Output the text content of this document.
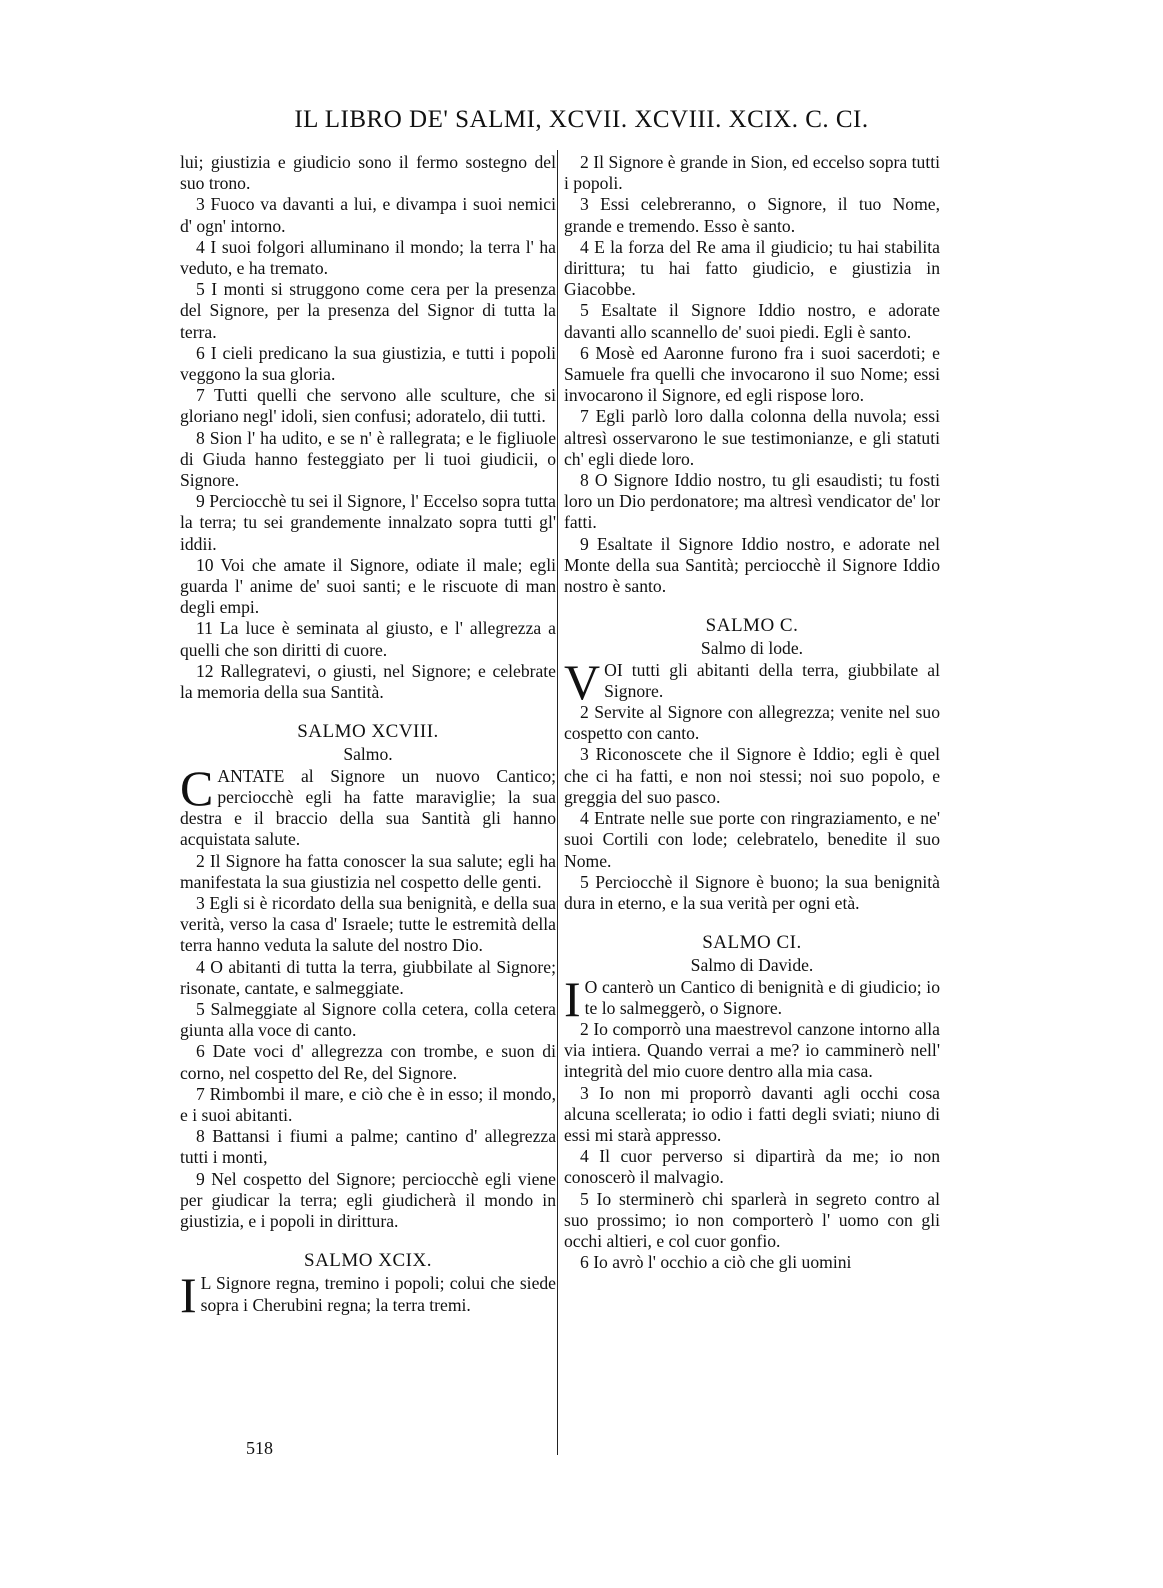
IL LIBRO DE' SALMI, XCVII. XCVIII. XCIX. C. CI.

lui; giustizia e giudicio sono il fermo sostegno del suo trono.

3 Fuoco va davanti a lui, e divampa i suoi nemici d' ogn' intorno.

4 I suoi folgori alluminano il mondo; la terra l' ha veduto, e ha tremato.

5 I monti si struggono come cera per la presenza del Signore, per la presenza del Signor di tutta la terra.

6 I cieli predicano la sua giustizia, e tutti i popoli veggono la sua gloria.

7 Tutti quelli che servono alle sculture, che si gloriano negl' idoli, sien confusi; adoratelo, dii tutti.

8 Sion l' ha udito, e se n' è rallegrata; e le figliuole di Giuda hanno festeggiato per li tuoi giudicii, o Signore.

9 Perciocchè tu sei il Signore, l' Eccelso sopra tutta la terra; tu sei grandemente innalzato sopra tutti gl' iddii.

10 Voi che amate il Signore, odiate il male; egli guarda l' anime de' suoi santi; e le riscuote di man degli empi.

11 La luce è seminata al giusto, e l' allegrezza a quelli che son diritti di cuore.

12 Rallegratevi, o giusti, nel Signore; e celebrate la memoria della sua Santità.

SALMO XCVIII.
Salmo.

CANTATE al Signore un nuovo Cantico; perciocchè egli ha fatte maraviglie; la sua destra e il braccio della sua Santità gli hanno acquistata salute.

2 Il Signore ha fatta conoscer la sua salute; egli ha manifestata la sua giustizia nel cospetto delle genti.

3 Egli si è ricordato della sua benignità, e della sua verità, verso la casa d' Israele; tutte le estremità della terra hanno veduta la salute del nostro Dio.

4 O abitanti di tutta la terra, giubbilate al Signore; risonate, cantate, e salmeggiate.

5 Salmeggiate al Signore colla cetera, colla cetera giunta alla voce di canto.

6 Date voci d' allegrezza con trombe, e suon di corno, nel cospetto del Re, del Signore.

7 Rimbombi il mare, e ciò che è in esso; il mondo, e i suoi abitanti.

8 Battansi i fiumi a palme; cantino d' allegrezza tutti i monti,

9 Nel cospetto del Signore; perciocchè egli viene per giudicar la terra; egli giudicherà il mondo in giustizia, e i popoli in dirittura.

SALMO XCIX.

I L Signore regna, tremino i popoli; colui che siede sopra i Cherubini regna; la terra tremi.

2 Il Signore è grande in Sion, ed eccelso sopra tutti i popoli.

3 Essi celebreranno, o Signore, il tuo Nome, grande e tremendo. Esso è santo.

4 E la forza del Re ama il giudicio; tu hai stabilita dirittura; tu hai fatto giudicio, e giustizia in Giacobbe.

5 Esaltate il Signore Iddio nostro, e adorate davanti allo scannello de' suoi piedi. Egli è santo.

6 Mosè ed Aaronne furono fra i suoi sacerdoti; e Samuele fra quelli che invocarono il suo Nome; essi invocarono il Signore, ed egli rispose loro.

7 Egli parlò loro dalla colonna della nuvola; essi altresì osservarono le sue testimonianze, e gli statuti ch' egli diede loro.

8 O Signore Iddio nostro, tu gli esaudisti; tu fosti loro un Dio perdonatore; ma altresì vendicator de' lor fatti.

9 Esaltate il Signore Iddio nostro, e adorate nel Monte della sua Santità; perciocchè il Signore Iddio nostro è santo.

SALMO C.
Salmo di lode.

VOI tutti gli abitanti della terra, giubbilate al Signore.

2 Servite al Signore con allegrezza; venite nel suo cospetto con canto.

3 Riconoscete che il Signore è Iddio; egli è quel che ci ha fatti, e non noi stessi; noi suo popolo, e greggia del suo pasco.

4 Entrate nelle sue porte con ringraziamento, e ne' suoi Cortili con lode; celebratelo, benedite il suo Nome.

5 Perciocchè il Signore è buono; la sua benignità dura in eterno, e la sua verità per ogni età.

SALMO CI.
Salmo di Davide.

I O canterò un Cantico di benignità e di giudicio; io te lo salmeggerò, o Signore.

2 Io comporrò una maestrevol canzone intorno alla via intiera. Quando verrai a me? io camminerò nell' integrità del mio cuore dentro alla mia casa.

3 Io non mi proporrò davanti agli occhi cosa alcuna scellerata; io odio i fatti degli sviati; niuno di essi mi starà appresso.

4 Il cuor perverso si dipartirà da me; io non conoscerò il malvagio.

5 Io sterminerò chi sparlerà in segreto contro al suo prossimo; io non comporterò l' uomo con gli occhi altieri, e col cuor gonfio.

6 Io avrò l' occhio a ciò che gli uomini

518
